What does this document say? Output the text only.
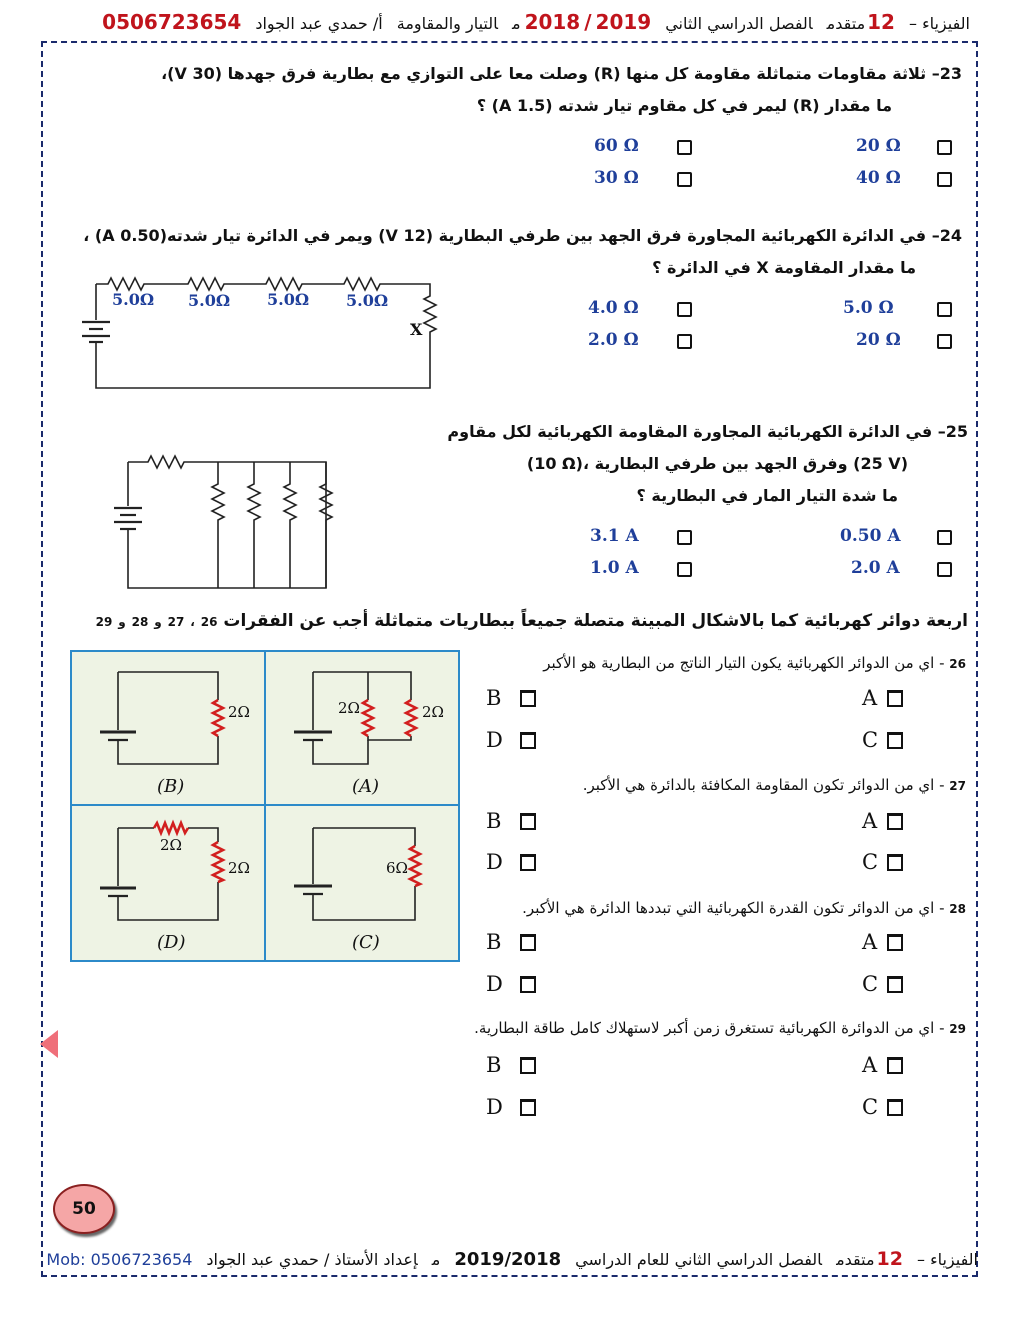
الفيزياء –12متقدمالفصل الدراسي الثاني2018 / 2019مالتيار والمقاومةأ/ حمدي عبد الجواد0506723654
23– ثلاثة مقاومات متماثلة مقاومة كل منها (R) وصلت معا على التوازي مع بطارية فرق جهدها (30 V)،
ما مقدار (R) ليمر في كل مقاوم تيار شدته (1.5 A) ؟
20 Ω
60 Ω
40 Ω
30 Ω
24– في الدائرة الكهربائية المجاورة فرق الجهد بين طرفي البطارية (12 V) ويمر في الدائرة تيار شدته(0.50 A) ،
ما مقدار المقاومة X في الدائرة ؟
5.0Ω 5.0Ω 5.0Ω 5.0Ω
X
5.0 Ω
4.0 Ω
20 Ω
2.0 Ω
25– في الدائرة الكهربائية المجاورة المقاومة الكهربائية لكل مقاوم
(10 Ω)، وفرق الجهد بين طرفي البطارية (25 V)
ما شدة التيار المار في البطارية ؟
0.50 A
3.1 A
2.0 A
1.0 A
اربعة دوائر كهربائية كما بالاشكال المبينة متصلة جميعاً ببطاريات متماثلة أجب عن الفقرات 26 ، 27 و 28 و 29
2Ω	2Ω	2Ω
2Ω
2Ω	6Ω
(A)
(B)
(C)
(D)
26 - اي من الدوائر الكهربائية يكون التيار الناتج من البطارية هو الأكبر
A
B
C
D
27 - اي من الدوائر تكون المقاومة المكافئة بالدائرة هي الأكبر.
A
B
C
D
28 - اي من الدوائر تكون القدرة الكهربائية التي تبددها الدائرة هي الأكبر.
A
B
C
D
29 - اي من الدوائرة الكهربائية تستغرق زمن أكبر لاستهلاك كامل طاقة البطارية.
A
B
C
D
50
الفيزياء –12متقدمالفصل الدراسي الثاني للعام الدراسي2019/2018مإعداد الأستاذ / حمدي عبد الجوادMob: 0506723654
